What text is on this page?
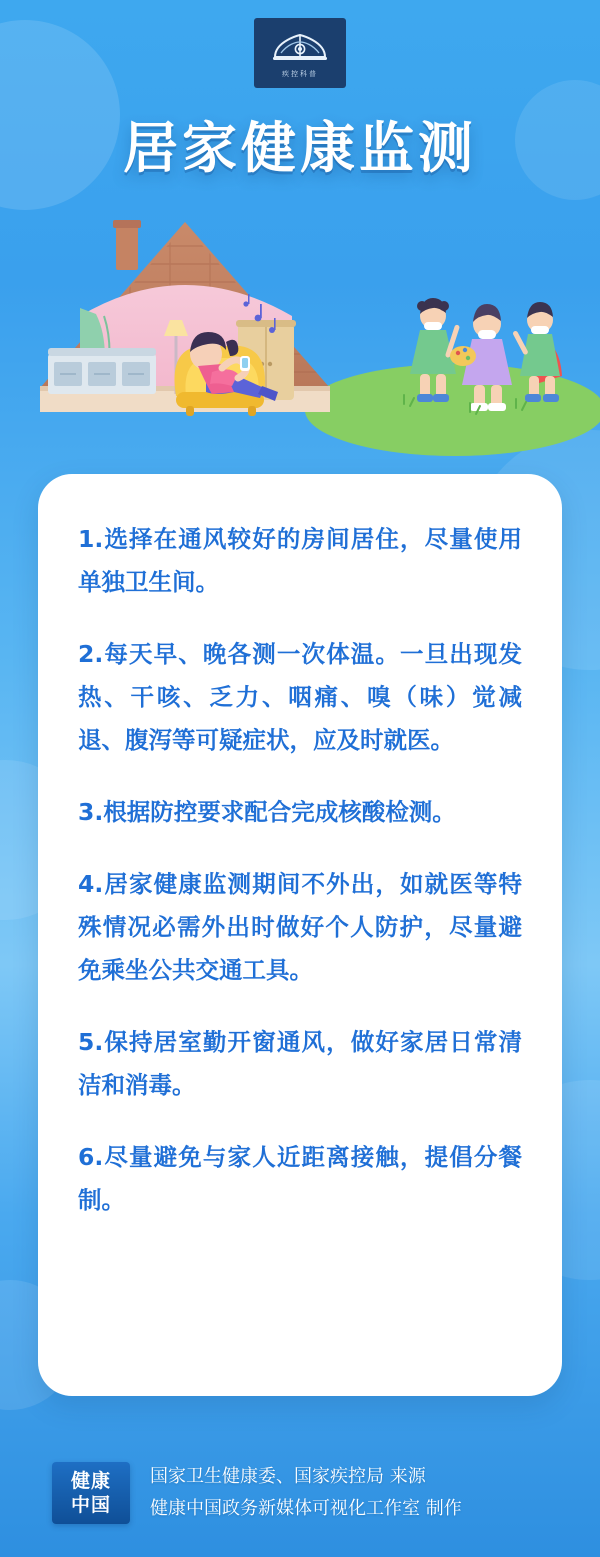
疾控科普
居家健康监测
1.选择在通风较好的房间居住，尽量使用单独卫生间。
2.每天早、晚各测一次体温。一旦出现发热、干咳、乏力、咽痛、嗅（味）觉减退、腹泻等可疑症状，应及时就医。
3.根据防控要求配合完成核酸检测。
4.居家健康监测期间不外出，如就医等特殊情况必需外出时做好个人防护，尽量避免乘坐公共交通工具。
5.保持居室勤开窗通风，做好家居日常清洁和消毒。
6.尽量避免与家人近距离接触，提倡分餐制。
健康
中国
国家卫生健康委、国家疾控局 来源
健康中国政务新媒体可视化工作室 制作
